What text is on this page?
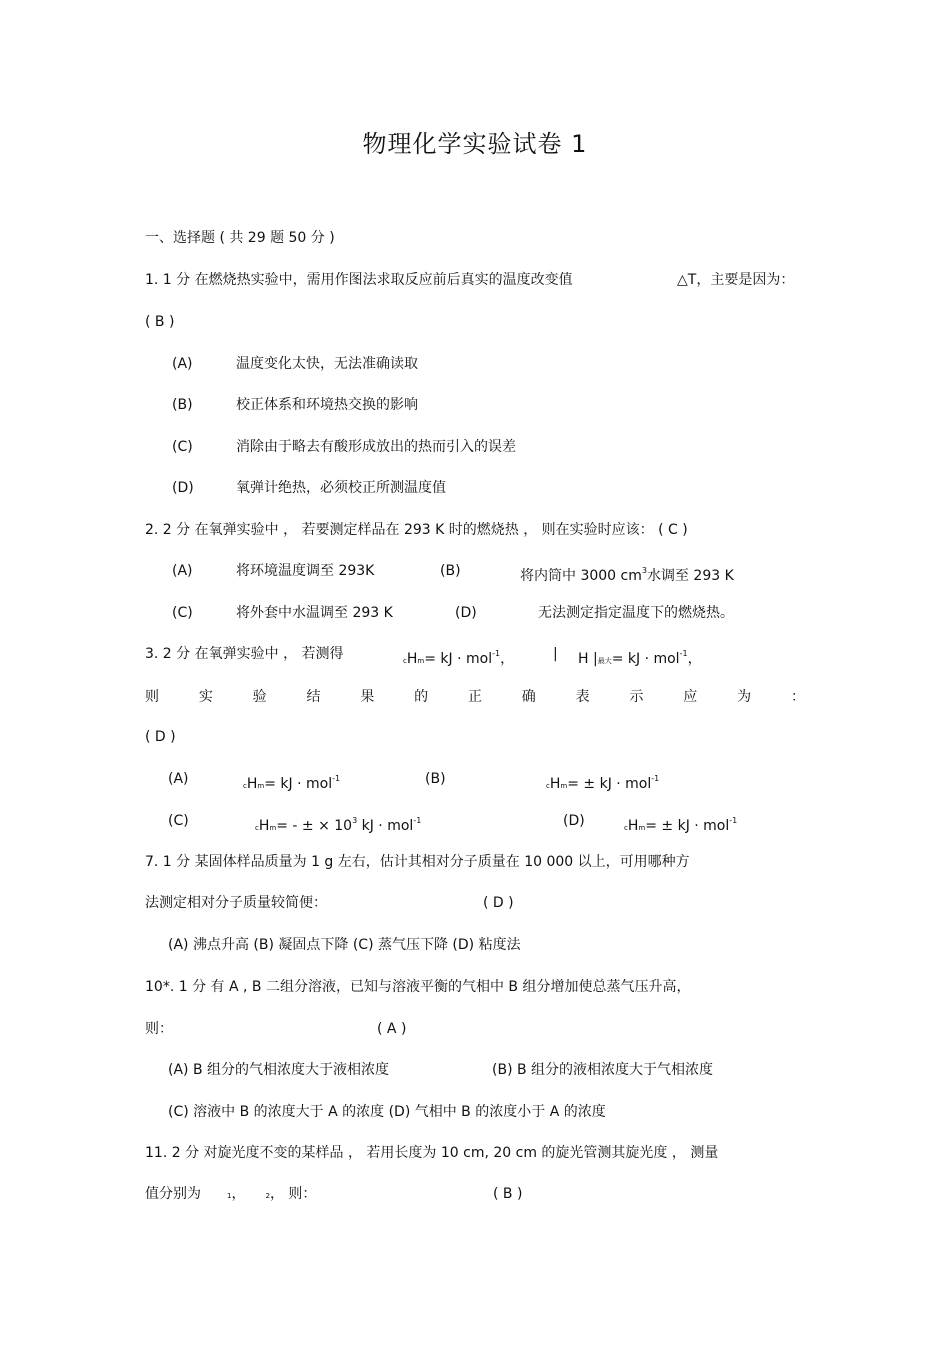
物理化学实验试卷 1
一、选择题 ( 共 29 题 50 分 )
1. 1 分 在燃烧热实验中，需用作图法求取反应前后真实的温度改变值	△T，主要是因为：
( B )
(A)	温度变化太快，无法准确读取
(B)	校正体系和环境热交换的影响
(C)	消除由于略去有酸形成放出的热而引入的误差
(D)	氧弹计绝热，必须校正所测温度值
2. 2 分 在氧弹实验中 ， 若要测定样品在 293 K 时的燃烧热 ， 则在实验时应该： ( C )
(A)	将环境温度调至 293K	(B)	将内筒中 3000 $cm^3$水调至 293 K
(C)	将外套中水温调至 293 K	(D)	无法测定指定温度下的燃烧热。
3. 2 分 在氧弹实验中 ， 若测得	cHm= kJ · mol$^{-1}$，	| H |最大= kJ · mol$^{-1}$，
则	实	验	结	果	的	正	确	表	示	应	为	：
( D )
(A)	cHm= kJ · mol$^{-1}$	(B)	cHm= ± kJ · mol$^{-1}$
(C)	cHm= - ± × $10^3$ kJ · mol$^{-1}$	(D)	cHm= ± kJ · mol$^{-1}$
7. 1 分 某固体样品质量为 1 g 左右，估计其相对分子质量在 10 000 以上，可用哪种方
法测定相对分子质量较简便：	( D )
(A) 沸点升高 (B) 凝固点下降 (C) 蒸气压下降 (D) 粘度法
10*. 1 分 有 A , B 二组分溶液，已知与溶液平衡的气相中 B 组分增加使总蒸气压升高，
则：	( A )
(A) B 组分的气相浓度大于液相浓度	(B) B 组分的液相浓度大于气相浓度
(C) 溶液中 B 的浓度大于 A 的浓度 (D) 气相中 B 的浓度小于 A 的浓度
11. 2 分 对旋光度不变的某样品 ， 若用长度为 10 cm, 20 cm 的旋光管测其旋光度 ， 测量
值分别为	1，	2， 则：	( B )
